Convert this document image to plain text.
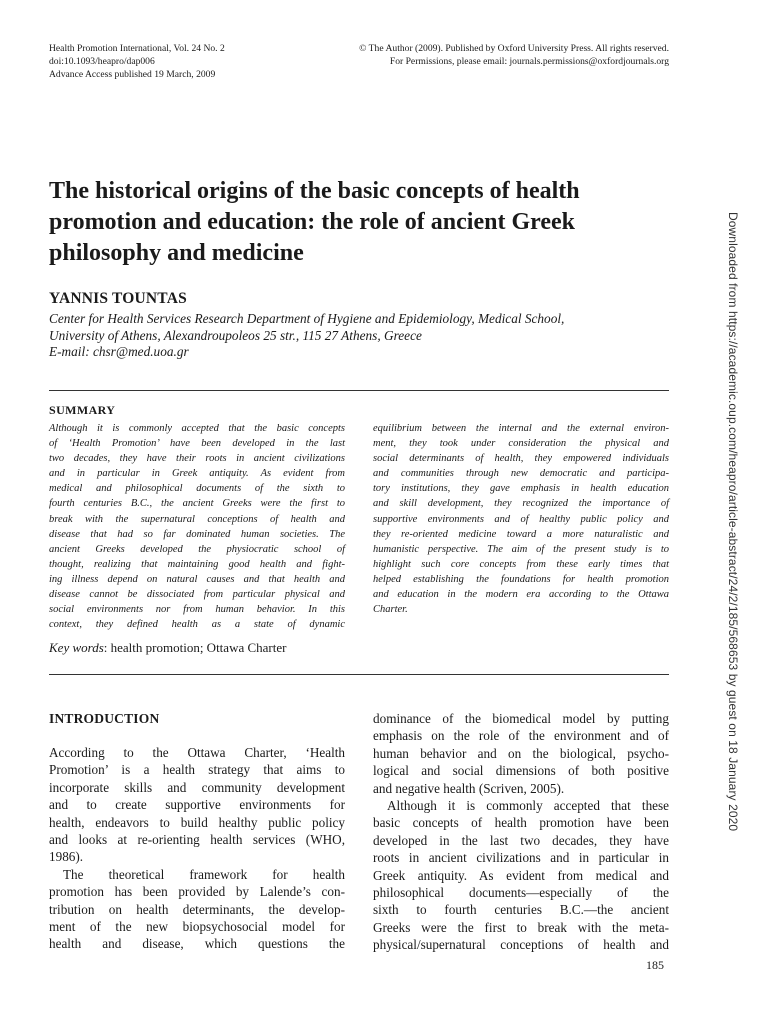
Health Promotion International, Vol. 24 No. 2
doi:10.1093/heapro/dap006
Advance Access published 19 March, 2009
© The Author (2009). Published by Oxford University Press. All rights reserved.
For Permissions, please email: journals.permissions@oxfordjournals.org
The historical origins of the basic concepts of health
promotion and education: the role of ancient Greek
philosophy and medicine
YANNIS TOUNTAS
Center for Health Services Research Department of Hygiene and Epidemiology, Medical School,
University of Athens, Alexandroupoleos 25 str., 115 27 Athens, Greece
E-mail: chsr@med.uoa.gr
SUMMARY
Although it is commonly accepted that the basic concepts
of ‘Health Promotion’ have been developed in the last
two decades, they have their roots in ancient civilizations
and in particular in Greek antiquity. As evident from
medical and philosophical documents of the sixth to
fourth centuries B.C., the ancient Greeks were the first to
break with the supernatural conceptions of health and
disease that had so far dominated human societies. The
ancient Greeks developed the physiocratic school of
thought, realizing that maintaining good health and fight-
ing illness depend on natural causes and that health and
disease cannot be dissociated from particular physical and
social environments nor from human behavior. In this
context, they defined health as a state of dynamic
equilibrium between the internal and the external environ-
ment, they took under consideration the physical and
social determinants of health, they empowered individuals
and communities through new democratic and participa-
tory institutions, they gave emphasis in health education
and skill development, they recognized the importance of
supportive environments and of healthy public policy and
they re-oriented medicine toward a more naturalistic and
humanistic perspective. The aim of the present study is to
highlight such core concepts from these early times that
helped establishing the foundations for health promotion
and education in the modern era according to the Ottawa
Charter.
Key words: health promotion; Ottawa Charter
INTRODUCTION
According to the Ottawa Charter, ‘Health
Promotion’ is a health strategy that aims to
incorporate skills and community development
and to create supportive environments for
health, endeavors to build healthy public policy
and looks at re-orienting health services (WHO,
1986).
The theoretical framework for health
promotion has been provided by Lalende’s con-
tribution on health determinants, the develop-
ment of the new biopsychosocial model for
health and disease, which questions the
dominance of the biomedical model by putting
emphasis on the role of the environment and of
human behavior and on the biological, psycho-
logical and social dimensions of both positive
and negative health (Scriven, 2005).
Although it is commonly accepted that these
basic concepts of health promotion have been
developed in the last two decades, they have
roots in ancient civilizations and in particular in
Greek antiquity. As evident from medical and
philosophical documents—especially of the
sixth to fourth centuries B.C.—the ancient
Greeks were the first to break with the meta-
physical/supernatural conceptions of health and
185
Downloaded from https://academic.oup.com/heapro/article-abstract/24/2/185/568653 by guest on 18 January 2020
